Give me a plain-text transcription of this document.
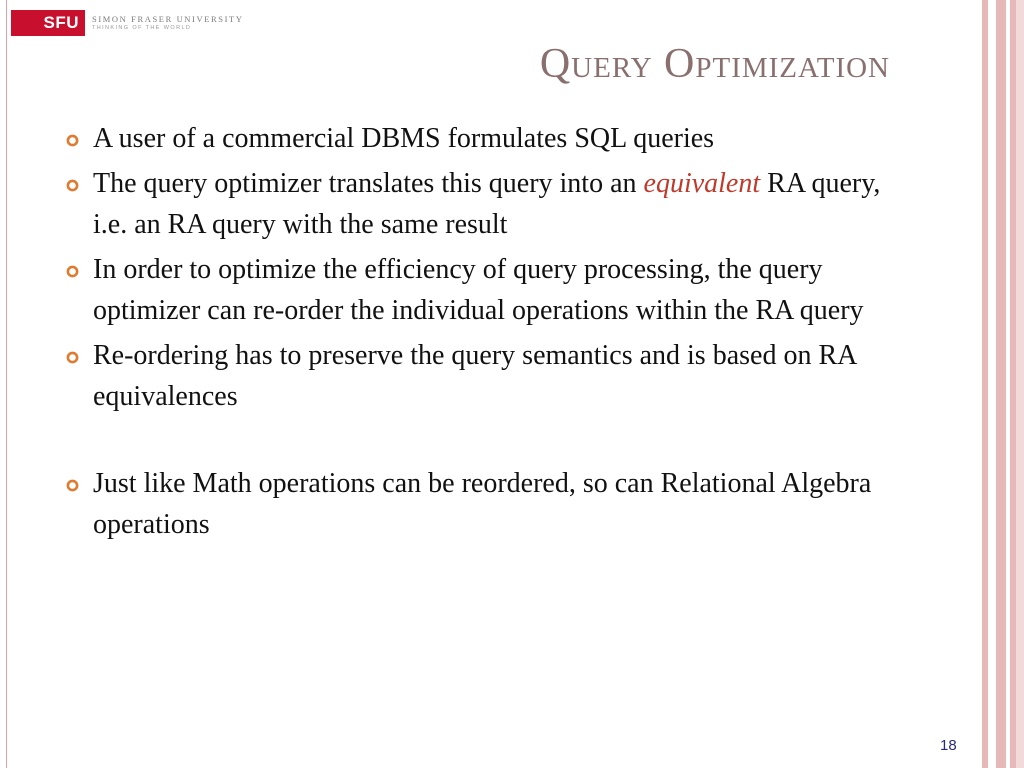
SFU	SIMON FRASER UNIVERSITY
THINKING OF THE WORLD
Query Optimization
A user of a commercial DBMS formulates SQL queries
The query optimizer translates this query into an equivalent RA query, i.e. an RA query with the same result
In order to optimize the efficiency of query processing, the query optimizer can re-order the individual operations within the RA query
Re-ordering has to preserve the query semantics and is based on RA equivalences
Just like Math operations can be reordered, so can Relational Algebra operations
18
